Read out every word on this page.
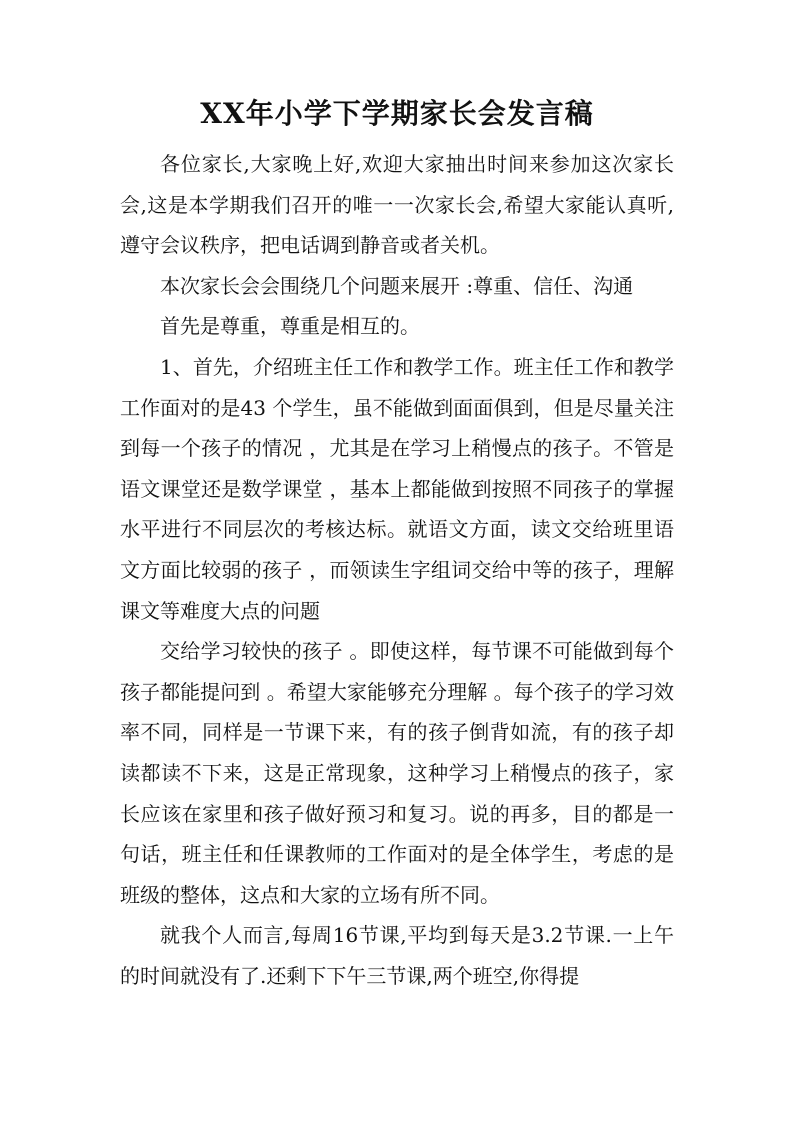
XX年小学下学期家长会发言稿

各位家长,大家晚上好,欢迎大家抽出时间来参加这次家长会,这是本学期我们召开的唯一一次家长会,希望大家能认真听,遵守会议秩序，把电话调到静音或者关机。

本次家长会会围绕几个问题来展开 :尊重、信任、沟通

首先是尊重，尊重是相互的。

1、首先，介绍班主任工作和教学工作。班主任工作和教学工作面对的是43 个学生，虽不能做到面面俱到，但是尽量关注到每一个孩子的情况 ，尤其是在学习上稍慢点的孩子。不管是语文课堂还是数学课堂 ，基本上都能做到按照不同孩子的掌握水平进行不同层次的考核达标。就语文方面，读文交给班里语文方面比较弱的孩子 ，而领读生字组词交给中等的孩子，理解课文等难度大点的问题

交给学习较快的孩子 。即使这样，每节课不可能做到每个孩子都能提问到 。希望大家能够充分理解 。每个孩子的学习效率不同，同样是一节课下来，有的孩子倒背如流，有的孩子却读都读不下来，这是正常现象，这种学习上稍慢点的孩子，家长应该在家里和孩子做好预习和复习。说的再多，目的都是一句话，班主任和任课教师的工作面对的是全体学生，考虑的是班级的整体，这点和大家的立场有所不同。

就我个人而言,每周16节课,平均到每天是3.2节课.一上午的时间就没有了.还剩下下午三节课,两个班空,你得提
